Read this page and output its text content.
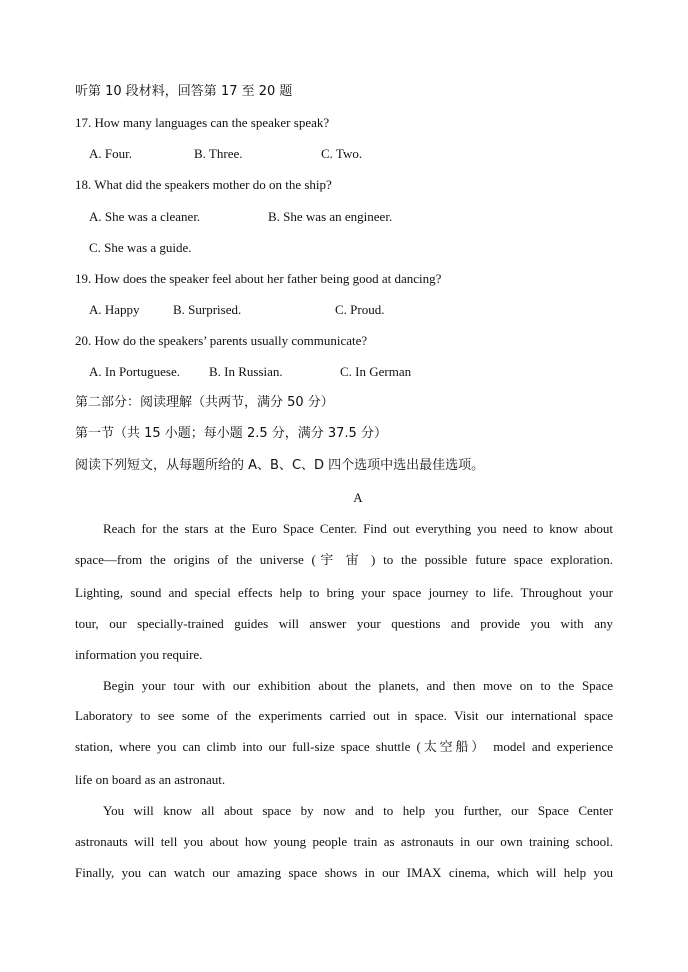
听第 10 段材料，回答第 17 至 20 题
17. How many languages can the speaker speak?
A. Four.	B. Three.	C. Two.
18. What did the speakers mother do on the ship?
A. She was a cleaner.	B. She was an engineer.
C. She was a guide.
19. How does the speaker feel about her father being good at dancing?
A. Happy	B. Surprised.	C. Proud.
20. How do the speakers’ parents usually communicate?
A. In Portuguese. B. In Russian.	C. In German
第二部分：阅读理解（共两节，满分 50 分）
第一节（共 15 小题；每小题 2.5 分，满分 37.5 分）
阅读下列短文，从每题所给的 A、B、C、D 四个选项中选出最佳选项。
A
Reach for the stars at the Euro Space Center. Find out everything you need to know about
space—from the origins of the universe (宇 宙 ) to the possible future space exploration.
Lighting, sound and special effects help to bring your space journey to life. Throughout your
tour, our specially-trained guides will answer your questions and provide you with any
information you require.
Begin your tour with our exhibition about the planets, and then move on to the Space
Laboratory to see some of the experiments carried out in space. Visit our international space
station, where you can climb into our full-size space shuttle (太空船） model and experience
life on board as an astronaut.
You will know all about space by now and to help you further, our Space Center
astronauts will tell you about how young people train as astronauts in our own training school.
Finally, you can watch our amazing space shows in our IMAX cinema, which will help you
